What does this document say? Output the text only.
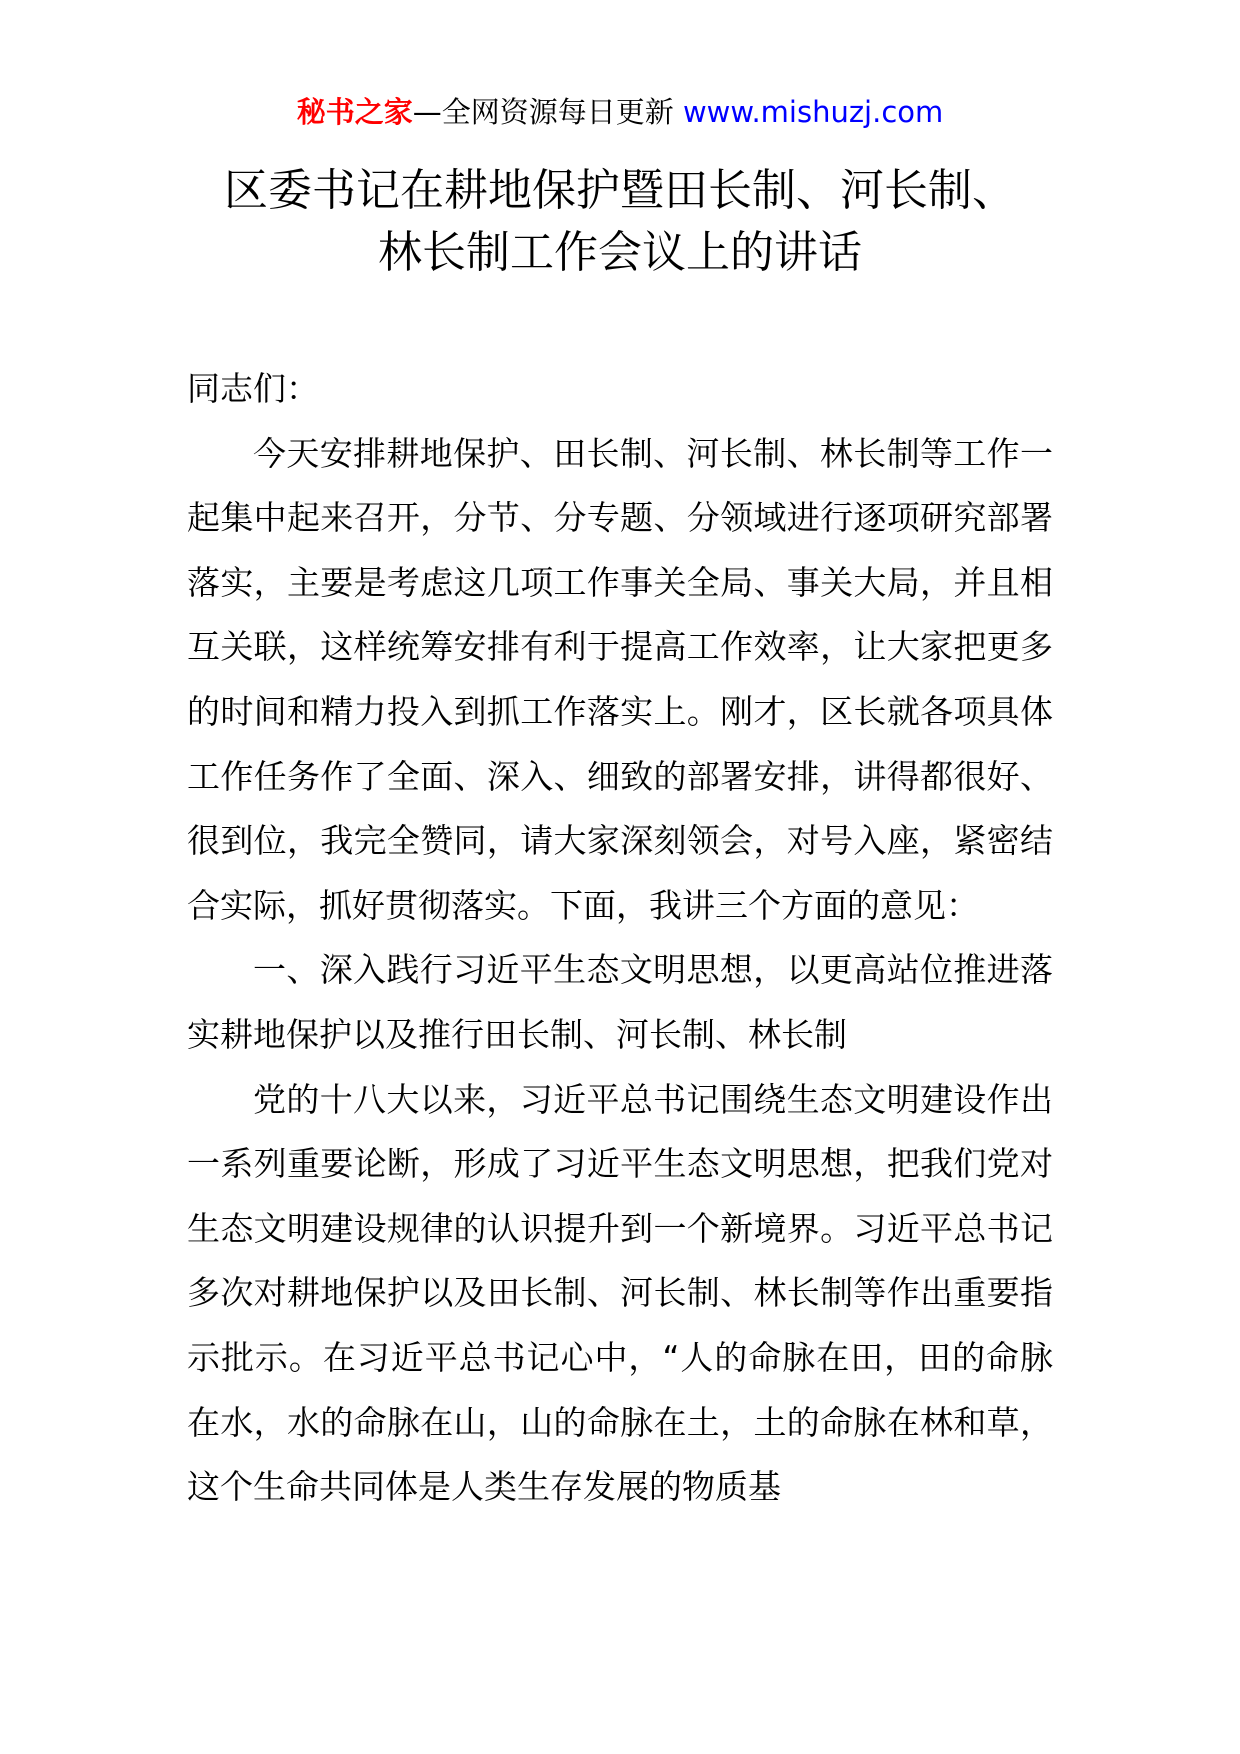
秘书之家—全网资源每日更新 www.mishuzj.com
区委书记在耕地保护暨田长制、河长制、
林长制工作会议上的讲话

同志们：

今天安排耕地保护、田长制、河长制、林长制等工作一起集中起来召开，分节、分专题、分领域进行逐项研究部署落实，主要是考虑这几项工作事关全局、事关大局，并且相互关联，这样统筹安排有利于提高工作效率，让大家把更多的时间和精力投入到抓工作落实上。刚才，区长就各项具体工作任务作了全面、深入、细致的部署安排，讲得都很好、很到位，我完全赞同，请大家深刻领会，对号入座，紧密结合实际，抓好贯彻落实。下面，我讲三个方面的意见：

一、深入践行习近平生态文明思想，以更高站位推进落实耕地保护以及推行田长制、河长制、林长制

党的十八大以来，习近平总书记围绕生态文明建设作出一系列重要论断，形成了习近平生态文明思想，把我们党对生态文明建设规律的认识提升到一个新境界。习近平总书记多次对耕地保护以及田长制、河长制、林长制等作出重要指示批示。在习近平总书记心中，“人的命脉在田，田的命脉在水，水的命脉在山，山的命脉在土，土的命脉在林和草，这个生命共同体是人类生存发展的物质基
